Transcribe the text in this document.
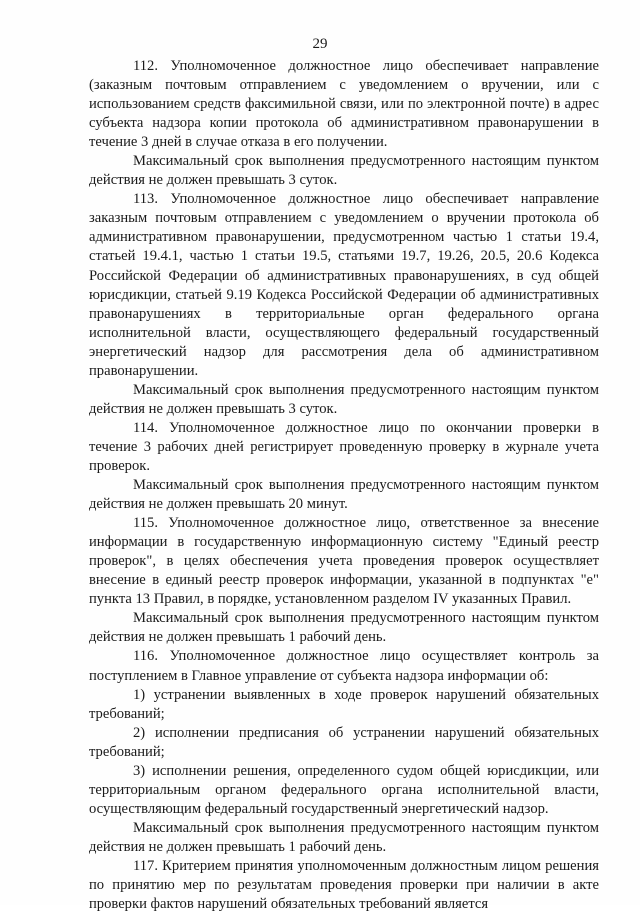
29

112. Уполномоченное должностное лицо обеспечивает направление (заказным почтовым отправлением с уведомлением о вручении, или с использованием средств факсимильной связи, или по электронной почте) в адрес субъекта надзора копии протокола об административном правонарушении в течение 3 дней в случае отказа в его получении.

Максимальный срок выполнения предусмотренного настоящим пунктом действия не должен превышать 3 суток.

113. Уполномоченное должностное лицо обеспечивает направление заказным почтовым отправлением с уведомлением о вручении протокола об административном правонарушении, предусмотренном частью 1 статьи 19.4, статьей 19.4.1, частью 1 статьи 19.5, статьями 19.7, 19.26, 20.5, 20.6 Кодекса Российской Федерации об административных правонарушениях, в суд общей юрисдикции, статьей 9.19 Кодекса Российской Федерации об административных правонарушениях в территориальные орган федерального органа исполнительной власти, осуществляющего федеральный государственный энергетический надзор для рассмотрения дела об административном правонарушении.

Максимальный срок выполнения предусмотренного настоящим пунктом действия не должен превышать 3 суток.

114. Уполномоченное должностное лицо по окончании проверки в течение 3 рабочих дней регистрирует проведенную проверку в журнале учета проверок.

Максимальный срок выполнения предусмотренного настоящим пунктом действия не должен превышать 20 минут.

115. Уполномоченное должностное лицо, ответственное за внесение информации в государственную информационную систему "Единый реестр проверок", в целях обеспечения учета проведения проверок осуществляет внесение в единый реестр проверок информации, указанной в подпунктах "е" пункта 13 Правил, в порядке, установленном разделом IV указанных Правил.

Максимальный срок выполнения предусмотренного настоящим пунктом действия не должен превышать 1 рабочий день.

116. Уполномоченное должностное лицо осуществляет контроль за поступлением в Главное управление от субъекта надзора информации об:

1) устранении выявленных в ходе проверок нарушений обязательных требований;

2) исполнении предписания об устранении нарушений обязательных требований;

3) исполнении решения, определенного судом общей юрисдикции, или территориальным органом федерального органа исполнительной власти, осуществляющим федеральный государственный энергетический надзор.

Максимальный срок выполнения предусмотренного настоящим пунктом действия не должен превышать 1 рабочий день.

117. Критерием принятия уполномоченным должностным лицом решения по принятию мер по результатам проведения проверки при наличии в акте проверки фактов нарушений обязательных требований является
